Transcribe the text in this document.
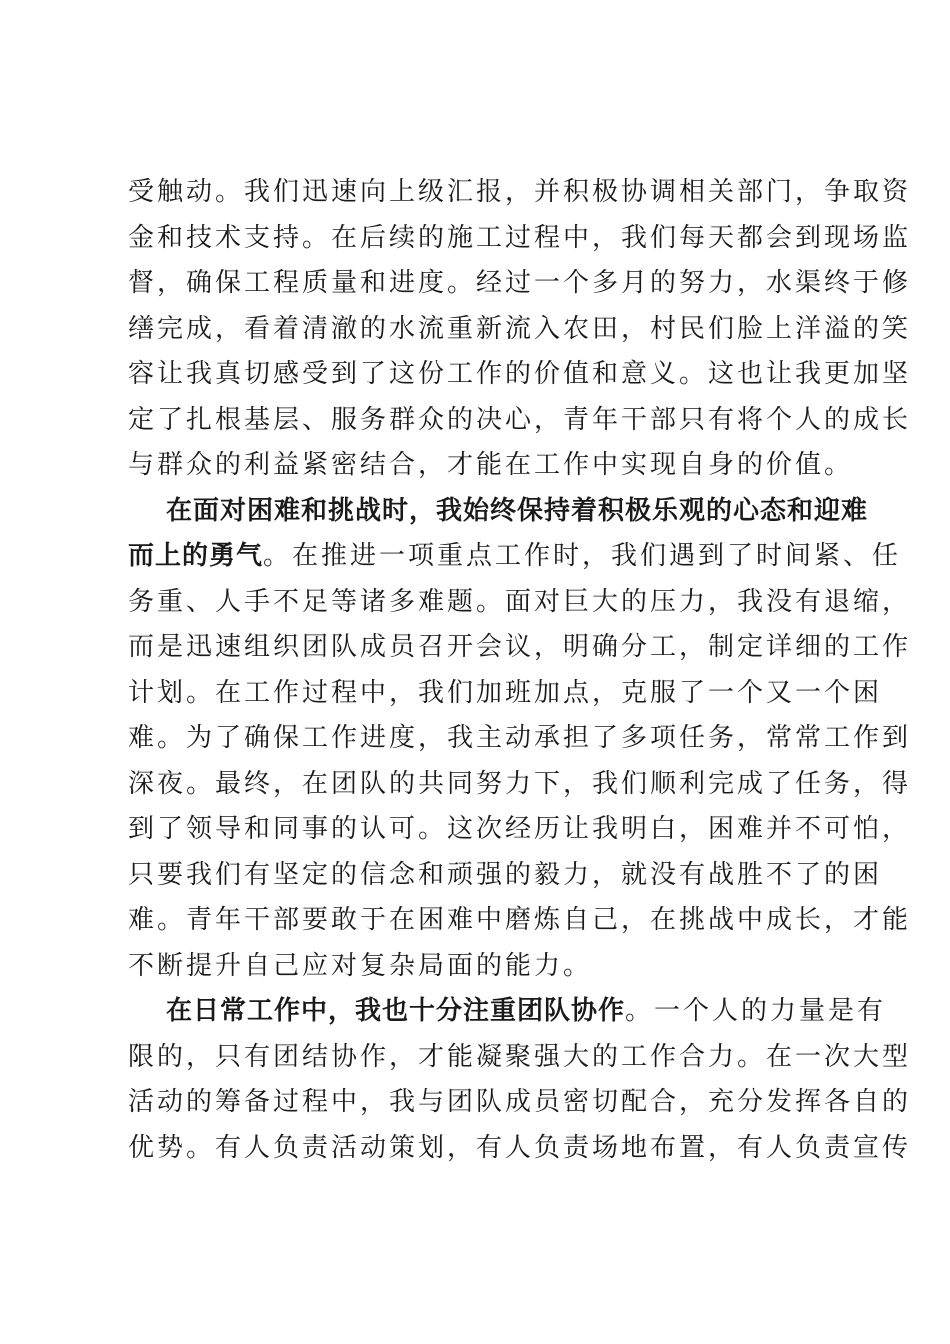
受触动。我们迅速向上级汇报，并积极协调相关部门，争取资
金和技术支持。在后续的施工过程中，我们每天都会到现场监
督，确保工程质量和进度。经过一个多月的努力，水渠终于修
缮完成，看着清澈的水流重新流入农田，村民们脸上洋溢的笑
容让我真切感受到了这份工作的价值和意义。这也让我更加坚
定了扎根基层、服务群众的决心，青年干部只有将个人的成长
与群众的利益紧密结合，才能在工作中实现自身的价值。
在面对困难和挑战时，我始终保持着积极乐观的心态和迎难
而上的勇气。在推进一项重点工作时，我们遇到了时间紧、任
务重、人手不足等诸多难题。面对巨大的压力，我没有退缩，
而是迅速组织团队成员召开会议，明确分工，制定详细的工作
计划。在工作过程中，我们加班加点，克服了一个又一个困
难。为了确保工作进度，我主动承担了多项任务，常常工作到
深夜。最终，在团队的共同努力下，我们顺利完成了任务，得
到了领导和同事的认可。这次经历让我明白，困难并不可怕，
只要我们有坚定的信念和顽强的毅力，就没有战胜不了的困
难。青年干部要敢于在困难中磨炼自己，在挑战中成长，才能
不断提升自己应对复杂局面的能力。
在日常工作中，我也十分注重团队协作。一个人的力量是有
限的，只有团结协作，才能凝聚强大的工作合力。在一次大型
活动的筹备过程中，我与团队成员密切配合，充分发挥各自的
优势。有人负责活动策划，有人负责场地布置，有人负责宣传
